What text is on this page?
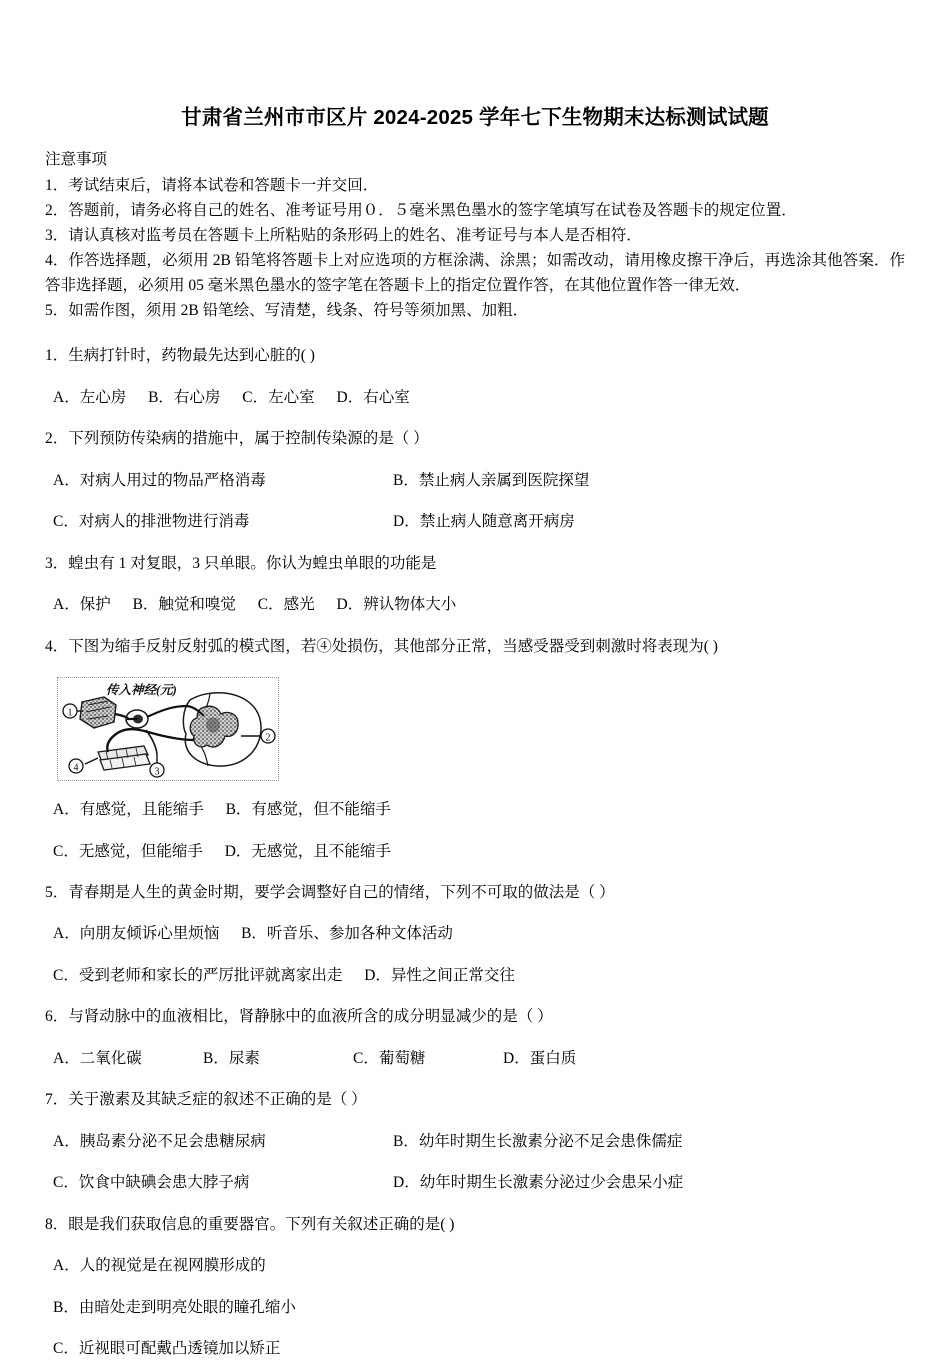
甘肃省兰州市市区片 2024-2025 学年七下生物期末达标测试试题
注意事项

1．考试结束后，请将本试卷和答题卡一并交回．

2．答题前，请务必将自己的姓名、准考证号用０．５毫米黑色墨水的签字笔填写在试卷及答题卡的规定位置．

3．请认真核对监考员在答题卡上所粘贴的条形码上的姓名、准考证号与本人是否相符．

4．作答选择题，必须用 2B 铅笔将答题卡上对应选项的方框涂满、涂黑；如需改动，请用橡皮擦干净后，再选涂其他答案．作答非选择题，必须用 05 毫米黑色墨水的签字笔在答题卡上的指定位置作答，在其他位置作答一律无效．

5．如需作图，须用 2B 铅笔绘、写清楚，线条、符号等须加黑、加粗．

1．生病打针时，药物最先达到心脏的( )

A．左心房 B．右心房 C．左心室 D．右心室

2．下列预防传染病的措施中，属于控制传染源的是（ ）

A．对病人用过的物品严格消毒	B．禁止病人亲属到医院探望
C．对病人的排泄物进行消毒	D．禁止病人随意离开病房

3．蝗虫有 1 对复眼，3 只单眼。你认为蝗虫单眼的功能是

A．保护 B．触觉和嗅觉 C．感光 D．辨认物体大小

4．下图为缩手反射反射弧的模式图，若④处损伤，其他部分正常，当感受器受到刺激时将表现为( )

传入神经(元)
1
2
3
4
A．有感觉，且能缩手 B．有感觉，但不能缩手
C．无感觉，但能缩手 D．无感觉，且不能缩手

5．青春期是人生的黄金时期，要学会调整好自己的情绪，下列不可取的做法是（ ）

A．向朋友倾诉心里烦恼 B．听音乐、参加各种文体活动
C．受到老师和家长的严厉批评就离家出走 D．异性之间正常交往

6．与肾动脉中的血液相比，肾静脉中的血液所含的成分明显减少的是（ ）

A．二氧化碳	B．尿素	C．葡萄糖	D．蛋白质

7．关于激素及其缺乏症的叙述不正确的是（ ）

A．胰岛素分泌不足会患糖尿病	B．幼年时期生长激素分泌不足会患侏儒症
C．饮食中缺碘会患大脖子病	D．幼年时期生长激素分泌过少会患呆小症

8．眼是我们获取信息的重要器官。下列有关叙述正确的是( )

A．人的视觉是在视网膜形成的
B．由暗处走到明亮处眼的瞳孔缩小
C．近视眼可配戴凸透镜加以矫正
